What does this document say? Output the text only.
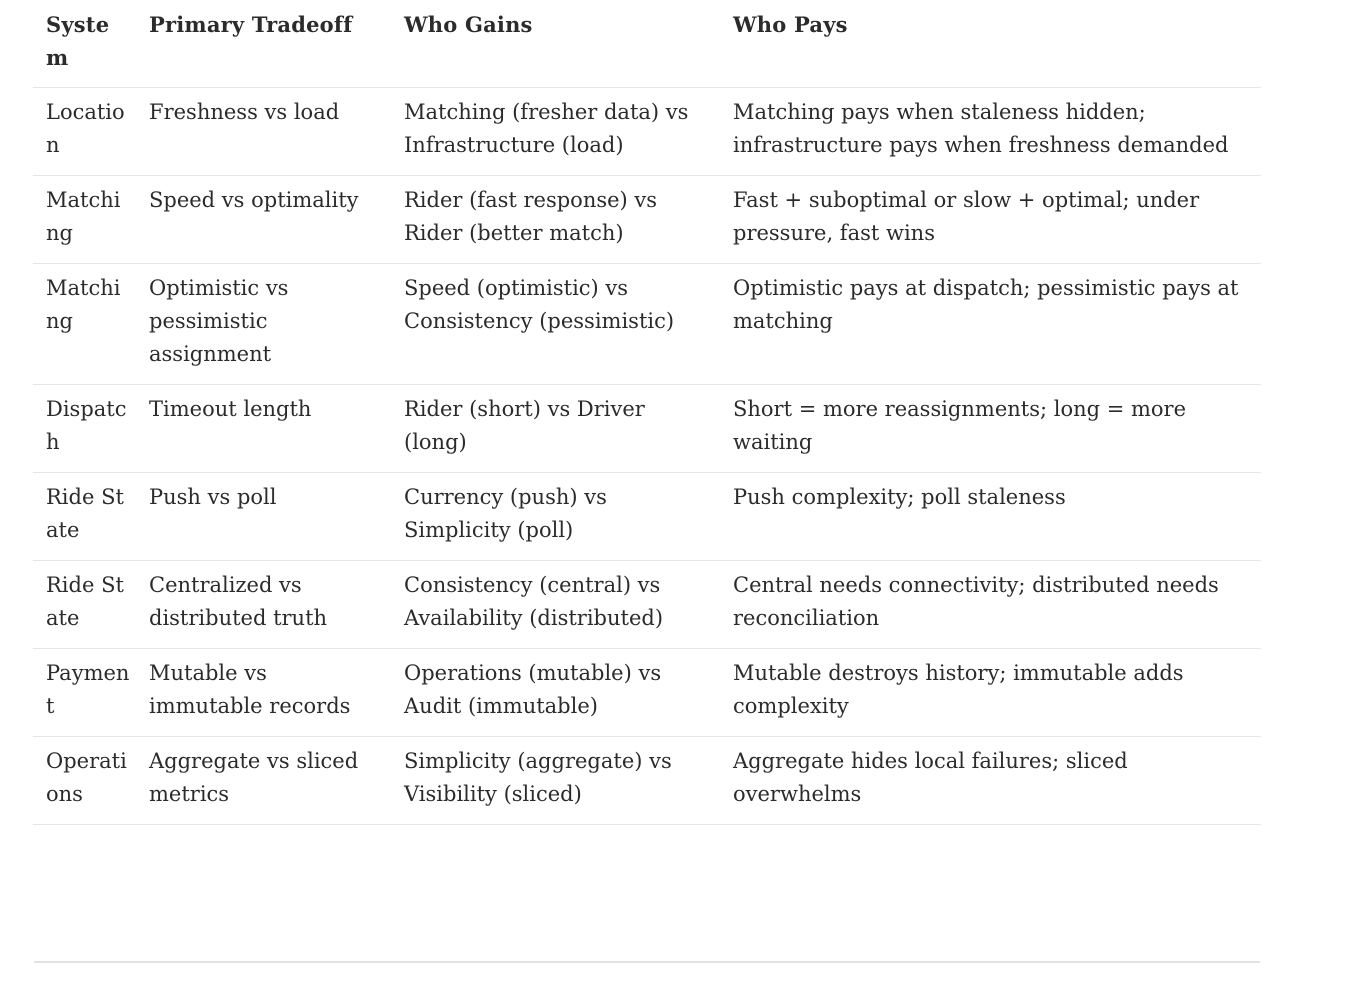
System	Primary Tradeoff	Who Gains	Who Pays
Location	Freshness vs load	Matching (fresher data) vs Infrastructure (load)	Matching pays when staleness hidden; infrastructure pays when freshness demanded
Matching	Speed vs optimality	Rider (fast response) vs Rider (better match)	Fast + suboptimal or slow + optimal; under pressure, fast wins
Matching	Optimistic vs pessimistic assignment	Speed (optimistic) vs Consistency (pessimistic)	Optimistic pays at dispatch; pessimistic pays at matching
Dispatch	Timeout length	Rider (short) vs Driver (long)	Short = more reassignments; long = more waiting
Ride State	Push vs poll	Currency (push) vs Simplicity (poll)	Push complexity; poll staleness
Ride State	Centralized vs distributed truth	Consistency (central) vs Availability (distributed)	Central needs connectivity; distributed needs reconciliation
Payment	Mutable vs immutable records	Operations (mutable) vs Audit (immutable)	Mutable destroys history; immutable adds complexity
Operations	Aggregate vs sliced metrics	Simplicity (aggregate) vs Visibility (sliced)	Aggregate hides local failures; sliced overwhelms
